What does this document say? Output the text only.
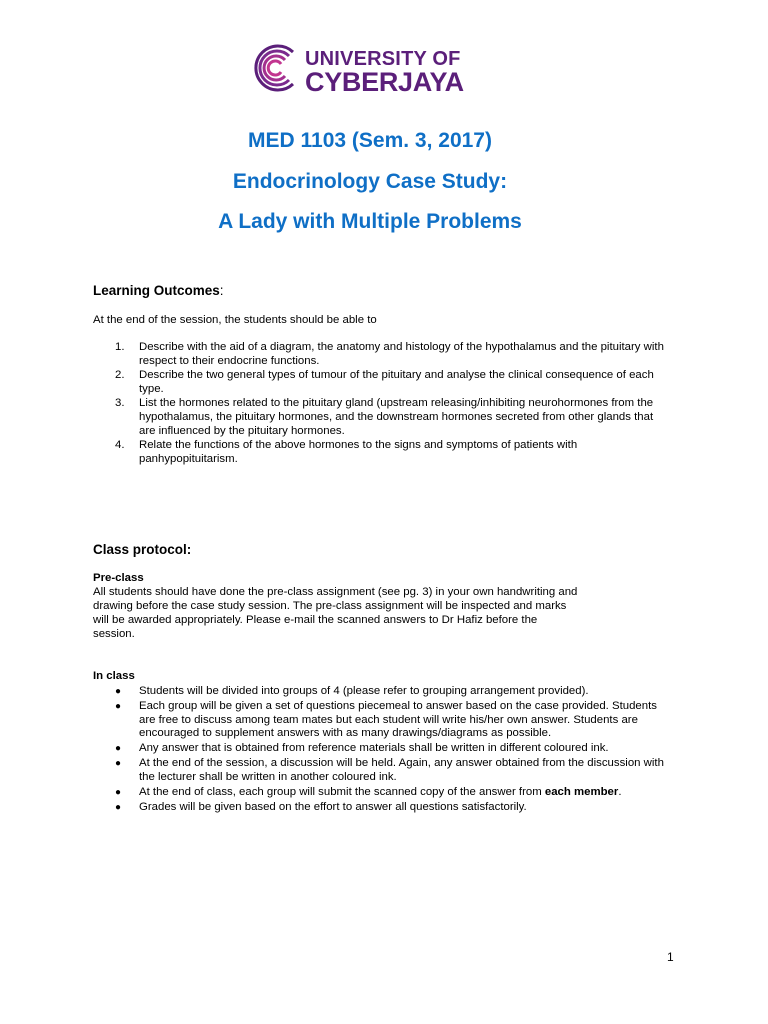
UNIVERSITY OF
CYBERJAYA
MED 1103 (Sem. 3, 2017)
Endocrinology Case Study:
A Lady with Multiple Problems
Learning Outcomes:
At the end of the session, the students should be able to
1. Describe with the aid of a diagram, the anatomy and histology of the hypothalamus and the pituitary with respect to their endocrine functions.
2. Describe the two general types of tumour of the pituitary and analyse the clinical consequence of each type.
3. List the hormones related to the pituitary gland (upstream releasing/inhibiting neurohormones from the hypothalamus, the pituitary hormones, and the downstream hormones secreted from other glands that are influenced by the pituitary hormones.
4. Relate the functions of the above hormones to the signs and symptoms of patients with panhypopituitarism.
Class protocol:
Pre-class
All students should have done the pre-class assignment (see pg. 3) in your own handwriting and
drawing before the case study session. The pre-class assignment will be inspected and marks
will be awarded appropriately. Please e-mail the scanned answers to Dr Hafiz before the
session.
In class
● Students will be divided into groups of 4 (please refer to grouping arrangement provided).
● Each group will be given a set of questions piecemeal to answer based on the case provided. Students are free to discuss among team mates but each student will write his/her own answer. Students are encouraged to supplement answers with as many drawings/diagrams as possible.
● Any answer that is obtained from reference materials shall be written in different coloured ink.
● At the end of the session, a discussion will be held. Again, any answer obtained from the discussion with the lecturer shall be written in another coloured ink.
● At the end of class, each group will submit the scanned copy of the answer from each member.
● Grades will be given based on the effort to answer all questions satisfactorily.
1
